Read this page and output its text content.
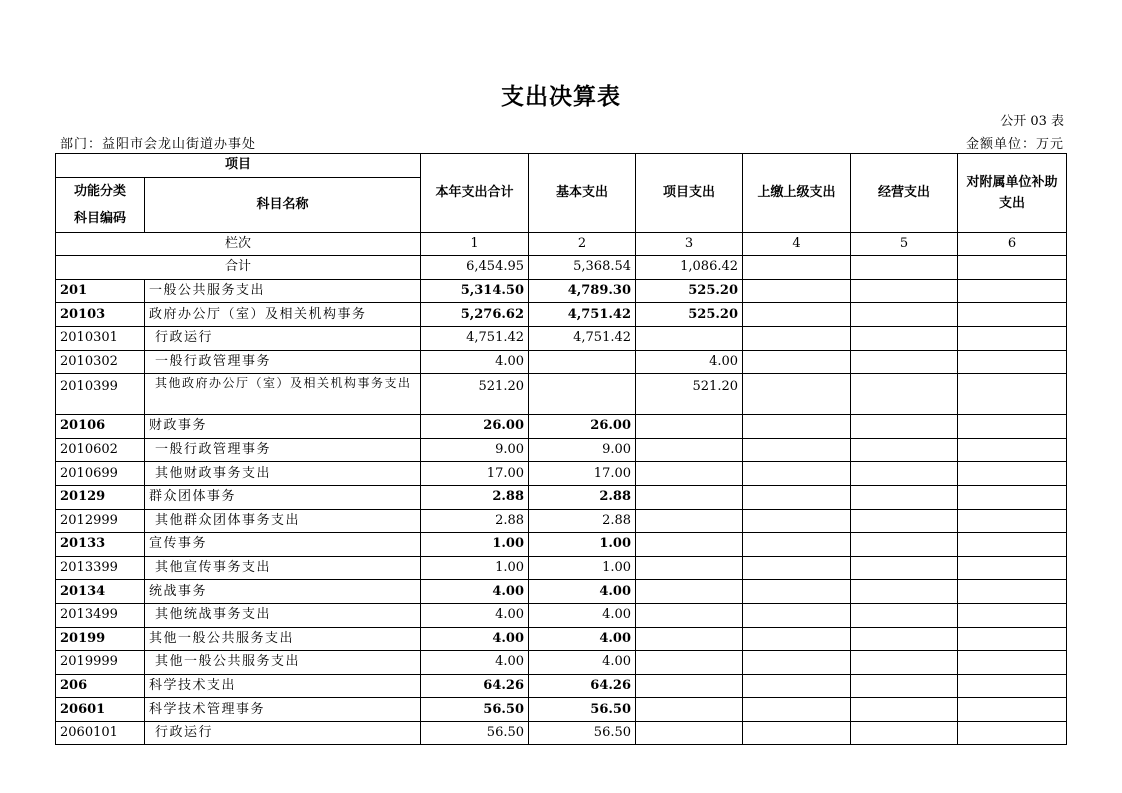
支出决算表
公开 03 表
部门：益阳市会龙山街道办事处	金额单位：万元
项目		本年支出合计	基本支出	项目支出	上缴上级支出	经营支出	对附属单位补助支出

功能分类
科目编码	科目名称						
栏次		1	2	3	4	5	6
合计		6,454.95	5,368.54	1,086.42			
201	一般公共服务支出	5,314.50	4,789.30	525.20			
20103	政府办公厅（室）及相关机构事务	5,276.62	4,751.42	525.20			
2010301	行政运行	4,751.42	4,751.42				
2010302	一般行政管理事务	4.00		4.00			
2010399	其他政府办公厅（室）及相关机构事务支出	521.20		521.20			
20106	财政事务	26.00	26.00				
2010602	一般行政管理事务	9.00	9.00				
2010699	其他财政事务支出	17.00	17.00				
20129	群众团体事务	2.88	2.88				
2012999	其他群众团体事务支出	2.88	2.88				
20133	宣传事务	1.00	1.00				
2013399	其他宣传事务支出	1.00	1.00				
20134	统战事务	4.00	4.00				
2013499	其他统战事务支出	4.00	4.00				
20199	其他一般公共服务支出	4.00	4.00				
2019999	其他一般公共服务支出	4.00	4.00				
206	科学技术支出	64.26	64.26				
20601	科学技术管理事务	56.50	56.50				
2060101	行政运行	56.50	56.50				
